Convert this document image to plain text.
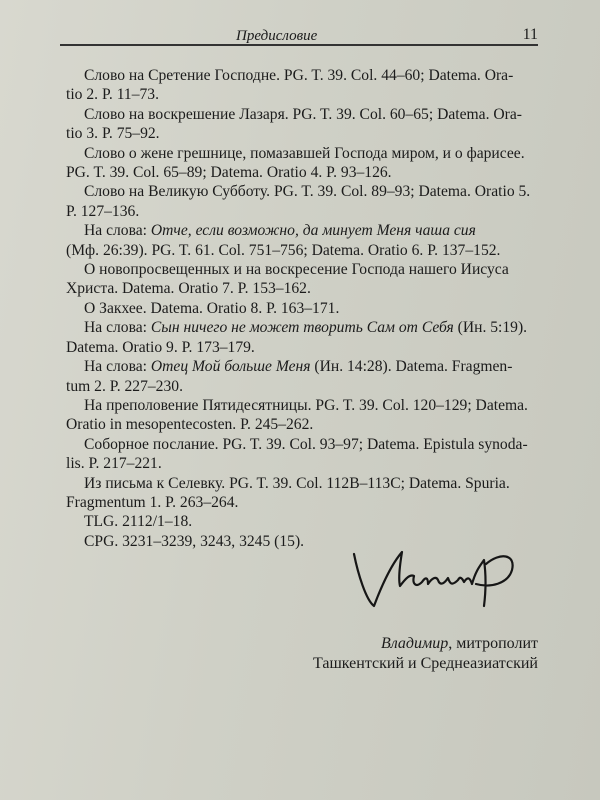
Предисловие	11

Слово на Сретение Господне. PG. T. 39. Col. 44–60; Datema. Ora-
tio 2. P. 11–73.

Слово на воскрешение Лазаря. PG. T. 39. Col. 60–65; Datema. Ora-
tio 3. P. 75–92.

Слово о жене грешнице, помазавшей Господа миром, и о фарисее.
PG. T. 39. Col. 65–89; Datema. Oratio 4. P. 93–126.

Слово на Великую Субботу. PG. T. 39. Col. 89–93; Datema. Oratio 5.
P. 127–136.

На слова: Отче, если возможно, да минует Меня чаша сия
(Мф. 26:39). PG. T. 61. Col. 751–756; Datema. Oratio 6. P. 137–152.

О новопросвещенных и на воскресение Господа нашего Иисуса
Христа. Datema. Oratio 7. P. 153–162.

О Закхее. Datema. Oratio 8. P. 163–171.

На слова: Сын ничего не может творить Сам от Себя (Ин. 5:19).
Datema. Oratio 9. P. 173–179.

На слова: Отец Мой больше Меня (Ин. 14:28). Datema. Fragmen-
tum 2. P. 227–230.

На преполовение Пятидесятницы. PG. T. 39. Col. 120–129; Datema.
Oratio in mesopentecosten. P. 245–262.

Соборное послание. PG. T. 39. Col. 93–97; Datema. Epistula synoda-
lis. P. 217–221.

Из письма к Селевку. PG. T. 39. Col. 112B–113C; Datema. Spuria.
Fragmentum 1. P. 263–264.

TLG. 2112/1–18.

CPG. 3231–3239, 3243, 3245 (15).

Владимир, митрополит
Ташкентский и Среднеазиатский
